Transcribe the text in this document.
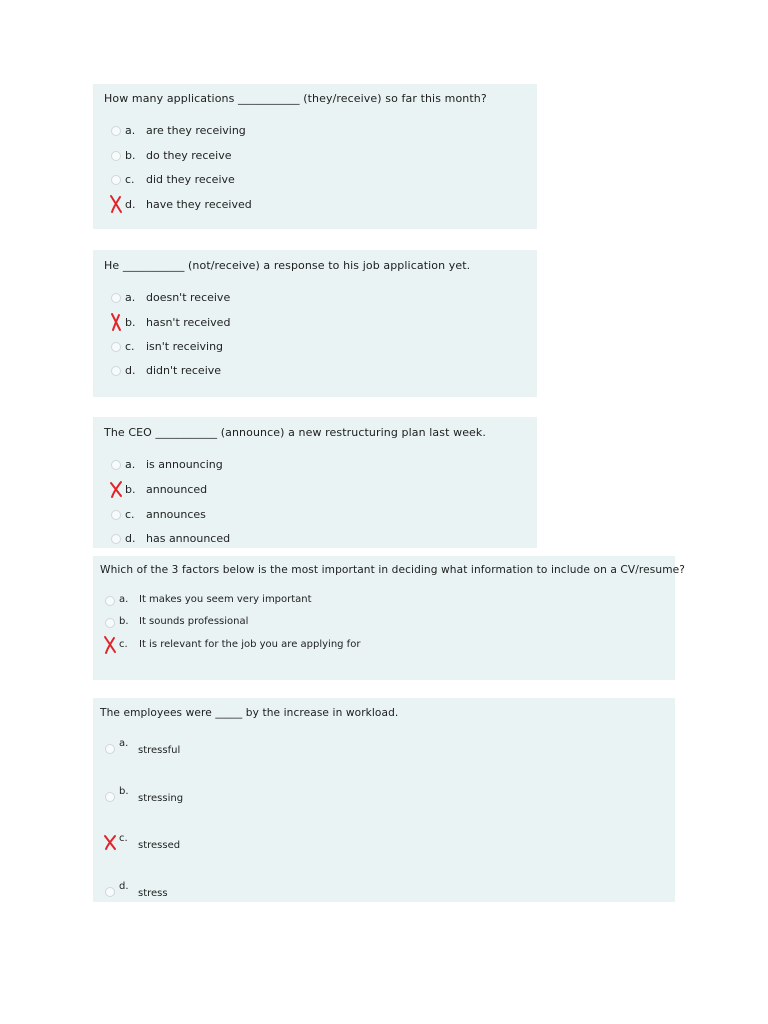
How many applications ___________ (they/receive) so far this month?
a. are they receiving
b. do they receive
c. did they receive
d. have they received
He ___________ (not/receive) a response to his job application yet.
a. doesn't receive
b. hasn't received
c. isn't receiving
d. didn't receive
The CEO ___________ (announce) a new restructuring plan last week.
a. is announcing
b. announced
c. announces
d. has announced
Which of the 3 factors below is the most important in deciding what information to include on a CV/resume?
a. It makes you seem very important
b. It sounds professional
c. It is relevant for the job you are applying for
The employees were _____ by the increase in workload.
a.
stressful
b.
stressing
c.
stressed
d.
stress
